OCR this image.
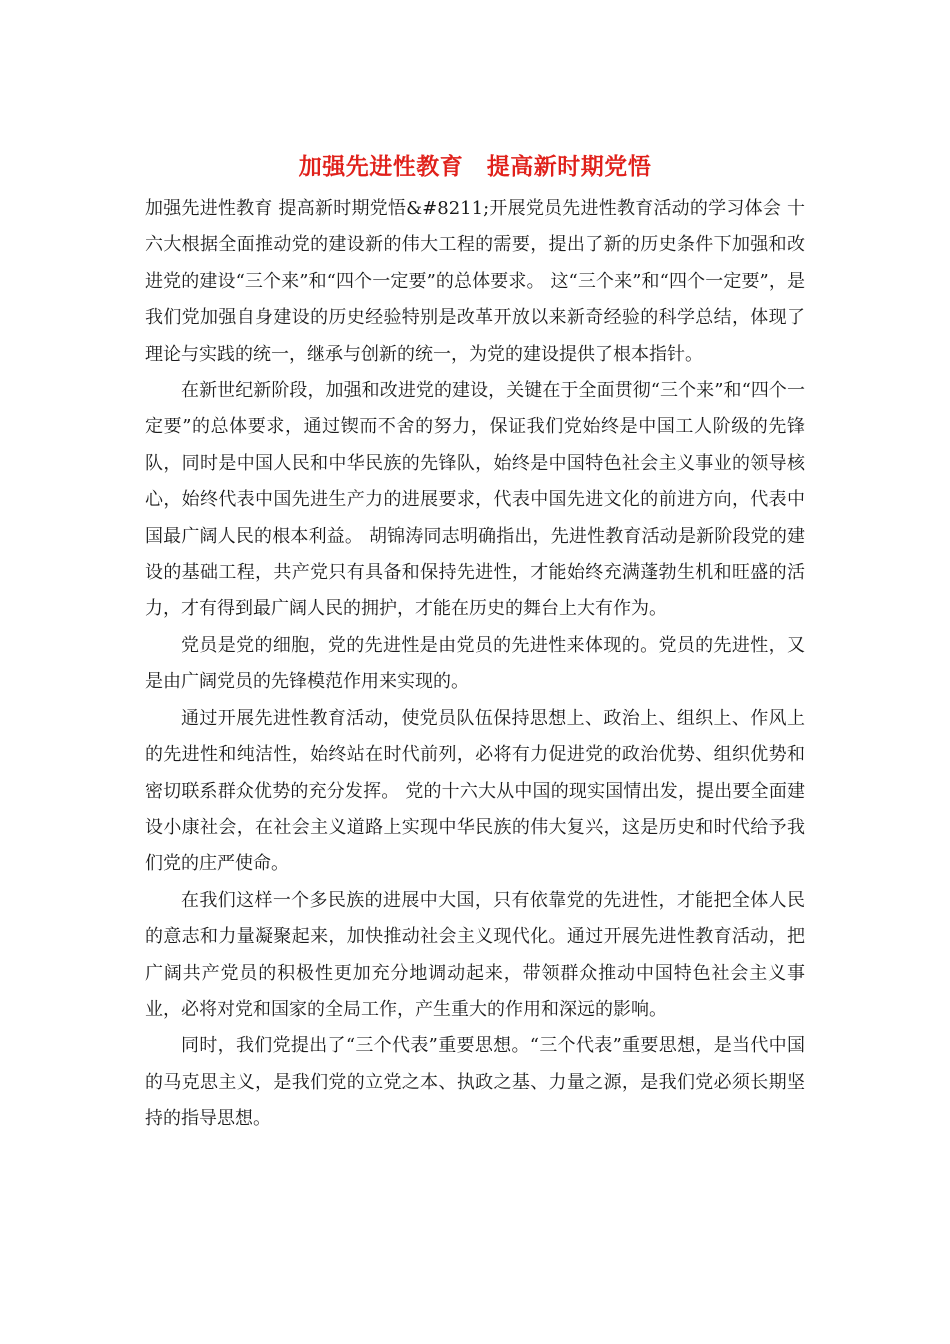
加强先进性教育　提高新时期党悟

加强先进性教育 提高新时期党悟&#8211;开展党员先进性教育活动的学习体会 十六大根据全面推动党的建设新的伟大工程的需要，提出了新的历史条件下加强和改进党的建设“三个来”和“四个一定要”的总体要求。 这“三个来”和“四个一定要”，是我们党加强自身建设的历史经验特别是改革开放以来新奇经验的科学总结，体现了理论与实践的统一，继承与创新的统一，为党的建设提供了根本指针。

在新世纪新阶段，加强和改进党的建设，关键在于全面贯彻“三个来”和“四个一定要”的总体要求，通过锲而不舍的努力，保证我们党始终是中国工人阶级的先锋队，同时是中国人民和中华民族的先锋队，始终是中国特色社会主义事业的领导核心，始终代表中国先进生产力的进展要求，代表中国先进文化的前进方向，代表中国最广阔人民的根本利益。 胡锦涛同志明确指出，先进性教育活动是新阶段党的建设的基础工程，共产党只有具备和保持先进性，才能始终充满蓬勃生机和旺盛的活力，才有得到最广阔人民的拥护，才能在历史的舞台上大有作为。

党员是党的细胞，党的先进性是由党员的先进性来体现的。党员的先进性，又是由广阔党员的先锋模范作用来实现的。

通过开展先进性教育活动，使党员队伍保持思想上、政治上、组织上、作风上的先进性和纯洁性，始终站在时代前列，必将有力促进党的政治优势、组织优势和密切联系群众优势的充分发挥。 党的十六大从中国的现实国情出发，提出要全面建设小康社会，在社会主义道路上实现中华民族的伟大复兴，这是历史和时代给予我们党的庄严使命。

在我们这样一个多民族的进展中大国，只有依靠党的先进性，才能把全体人民的意志和力量凝聚起来，加快推动社会主义现代化。通过开展先进性教育活动，把广阔共产党员的积极性更加充分地调动起来，带领群众推动中国特色社会主义事业，必将对党和国家的全局工作，产生重大的作用和深远的影响。

同时，我们党提出了“三个代表”重要思想。“三个代表”重要思想，是当代中国的马克思主义，是我们党的立党之本、执政之基、力量之源，是我们党必须长期坚持的指导思想。
